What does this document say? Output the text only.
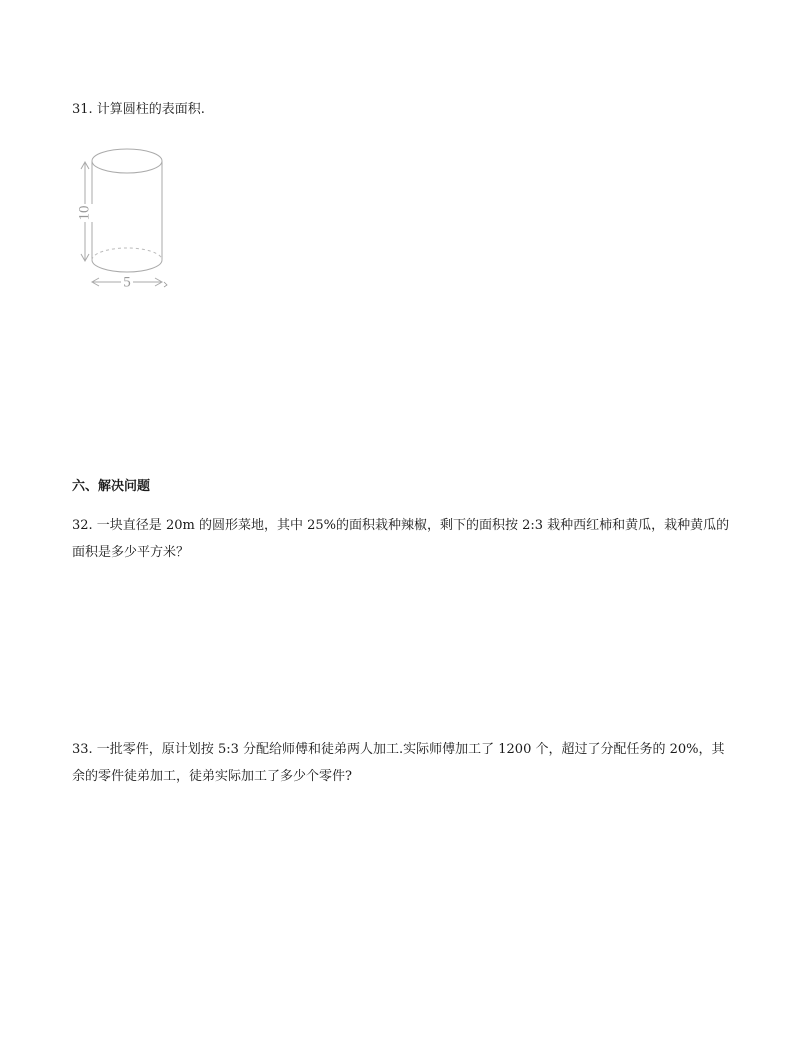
31. 计算圆柱的表面积.

10
5
六、解决问题

32. 一块直径是 20m 的圆形菜地，其中 25%的面积栽种辣椒，剩下的面积按 2:3 栽种西红柿和黄瓜，栽种黄瓜的面积是多少平方米？

33. 一批零件，原计划按 5:3 分配给师傅和徒弟两人加工.实际师傅加工了 1200 个，超过了分配任务的 20%，其余的零件徒弟加工，徒弟实际加工了多少个零件?
